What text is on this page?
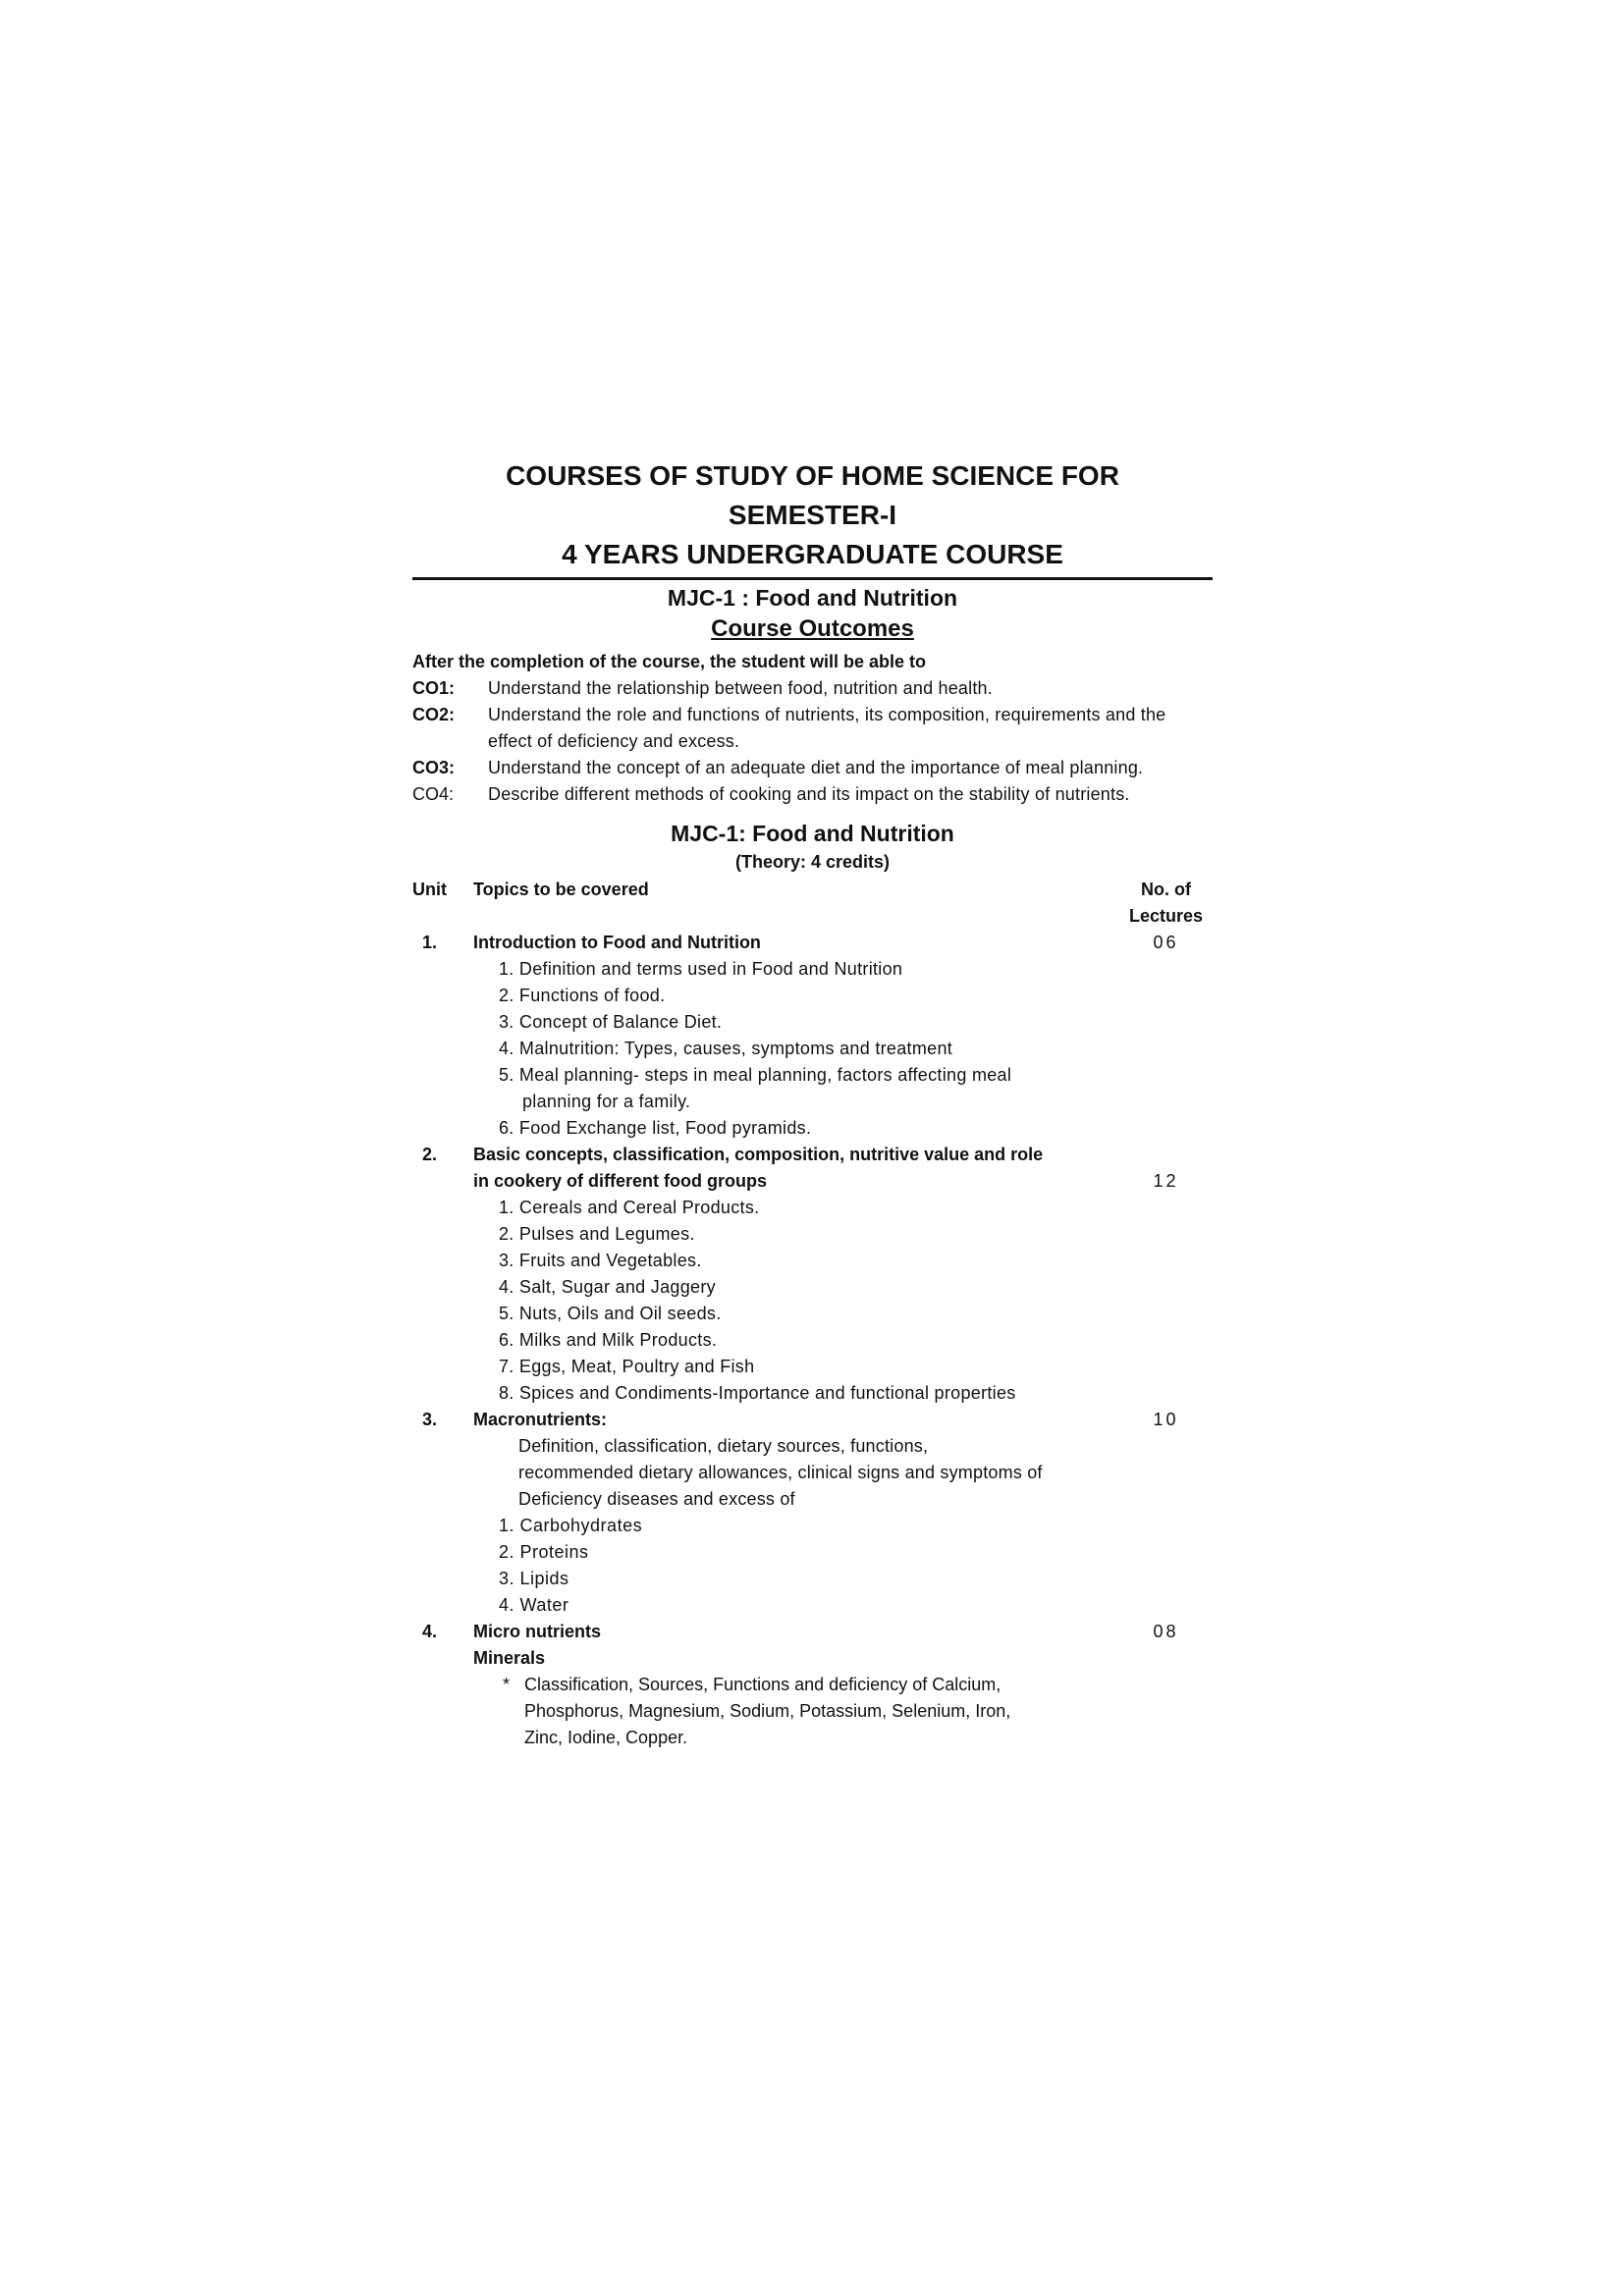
COURSES OF STUDY OF HOME SCIENCE FOR
SEMESTER-I
4 YEARS UNDERGRADUATE COURSE
MJC-1 : Food and Nutrition
Course Outcomes
After the completion of the course, the student will be able to
CO1:	Understand the relationship between food, nutrition and health.
CO2:	Understand the role and functions of nutrients, its composition, requirements and the effect of deficiency and excess.
CO3:	Understand the concept of an adequate diet and the importance of meal planning.
CO4:	Describe different methods of cooking and its impact on the stability of nutrients.
MJC-1: Food and Nutrition
(Theory: 4 credits)
Unit	Topics to be covered	No. of
Lectures
1.	Introduction to Food and Nutrition	06
1. Definition and terms used in Food and Nutrition
2. Functions of food.
3. Concept of Balance Diet.
4. Malnutrition: Types, causes, symptoms and treatment
5. Meal planning- steps in meal planning, factors affecting meal
planning for a family.
6. Food Exchange list, Food pyramids.
2.	Basic concepts, classification, composition, nutritive value and role
in cookery of different food groups	12
1. Cereals and Cereal Products.
2. Pulses and Legumes.
3. Fruits and Vegetables.
4. Salt, Sugar and Jaggery
5. Nuts, Oils and Oil seeds.
6. Milks and Milk Products.
7. Eggs, Meat, Poultry and Fish
8. Spices and Condiments-Importance and functional properties
3.	Macronutrients:	10
Definition, classification, dietary sources, functions,
recommended dietary allowances, clinical signs and symptoms of
Deficiency diseases and excess of
1. Carbohydrates
2. Proteins
3. Lipids
4. Water
4.	Micro nutrients	08
Minerals
* Classification, Sources, Functions and deficiency of Calcium,
Phosphorus, Magnesium, Sodium, Potassium, Selenium, Iron,
Zinc, Iodine, Copper.
